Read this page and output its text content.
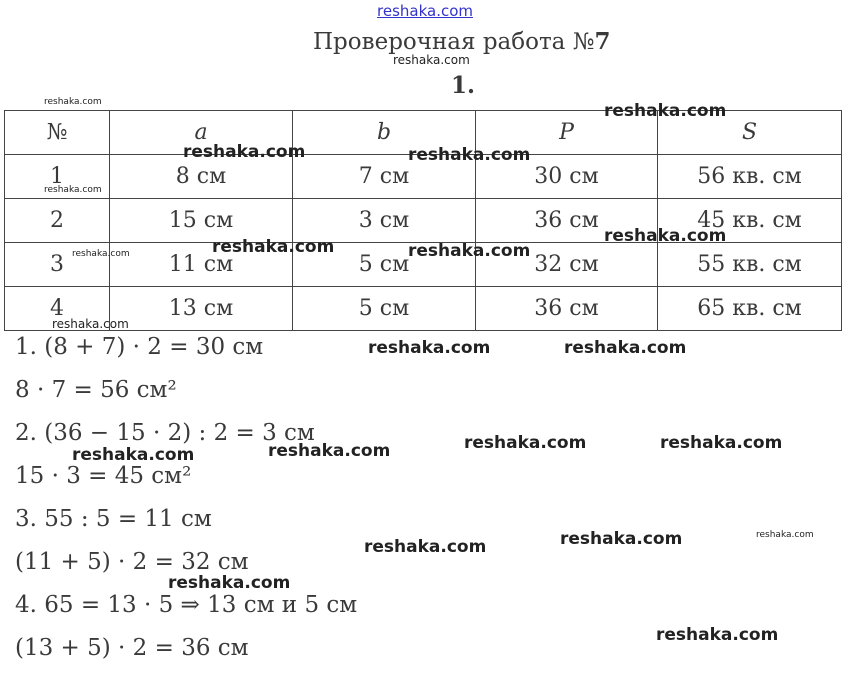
reshaka.com
Проверочная работа №7
1.
№	a	b	P	S
1	8 см	7 см	30 см	56 кв. см
2	15 см	3 см	36 см	45 кв. см
3	11 см	5 см	32 см	55 кв. см
4	13 см	5 см	36 см	65 кв. см
1. (8 + 7) · 2 = 30 см
8 · 7 = 56 см²
2. (36 − 15 · 2) : 2 = 3 см
15 · 3 = 45 см²
3. 55 : 5 = 11 см
(11 + 5) · 2 = 32 см
4. 65 = 13 · 5 ⇒ 13 см и 5 см
(13 + 5) · 2 = 36 см
reshaka.com
reshaka.com	reshaka.com
reshaka.com	reshaka.com
reshaka.com
reshaka.com
reshaka.com	reshaka.com
reshaka.com
reshaka.com
reshaka.com	reshaka.com
reshaka.com	reshaka.com
reshaka.com
reshaka.com
reshaka.com
reshaka.com
reshaka.com
reshaka.com
reshaka.com
